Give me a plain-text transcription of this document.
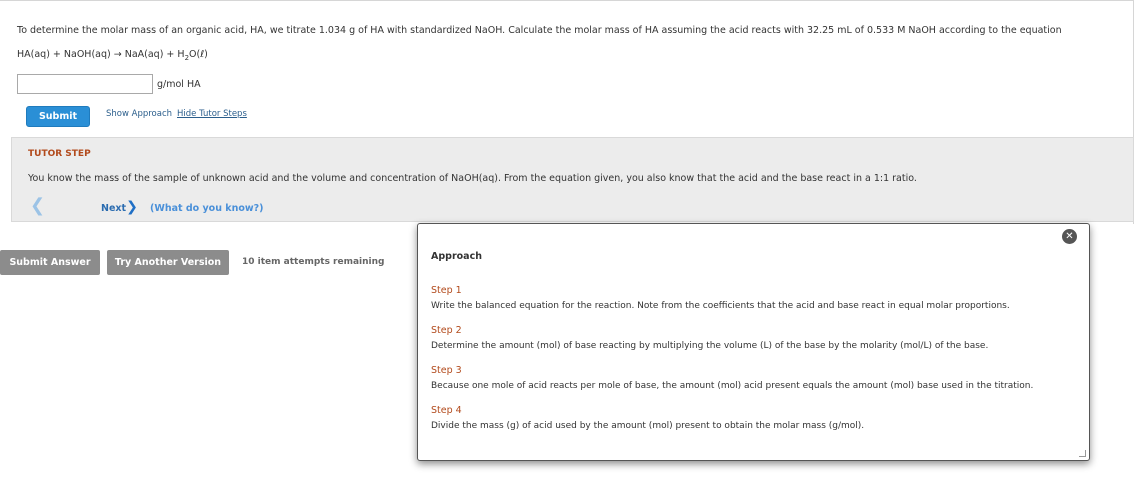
To determine the molar mass of an organic acid, HA, we titrate 1.034 g of HA with standardized NaOH. Calculate the molar mass of HA assuming the acid reacts with 32.25 mL of 0.533 M NaOH according to the equation
HA(aq) + NaOH(aq) → $NaA(aq) + H_2O(\ell)$
g/mol HA
Submit	Show Approach Hide Tutor Steps
TUTOR STEP
You know the mass of the sample of unknown acid and the volume and concentration of NaOH(aq). From the equation given, you also know that the acid and the base react in a 1:1 ratio.
❮	Next❯ (What do you know?)
Submit Answer	Try Another Version	10 item attempts remaining
✕
Approach
Step 1
Write the balanced equation for the reaction. Note from the coefficients that the acid and base react in equal molar proportions.
Step 2
Determine the amount (mol) of base reacting by multiplying the volume (L) of the base by the molarity (mol/L) of the base.
Step 3
Because one mole of acid reacts per mole of base, the amount (mol) acid present equals the amount (mol) base used in the titration.
Step 4
Divide the mass (g) of acid used by the amount (mol) present to obtain the molar mass (g/mol).
